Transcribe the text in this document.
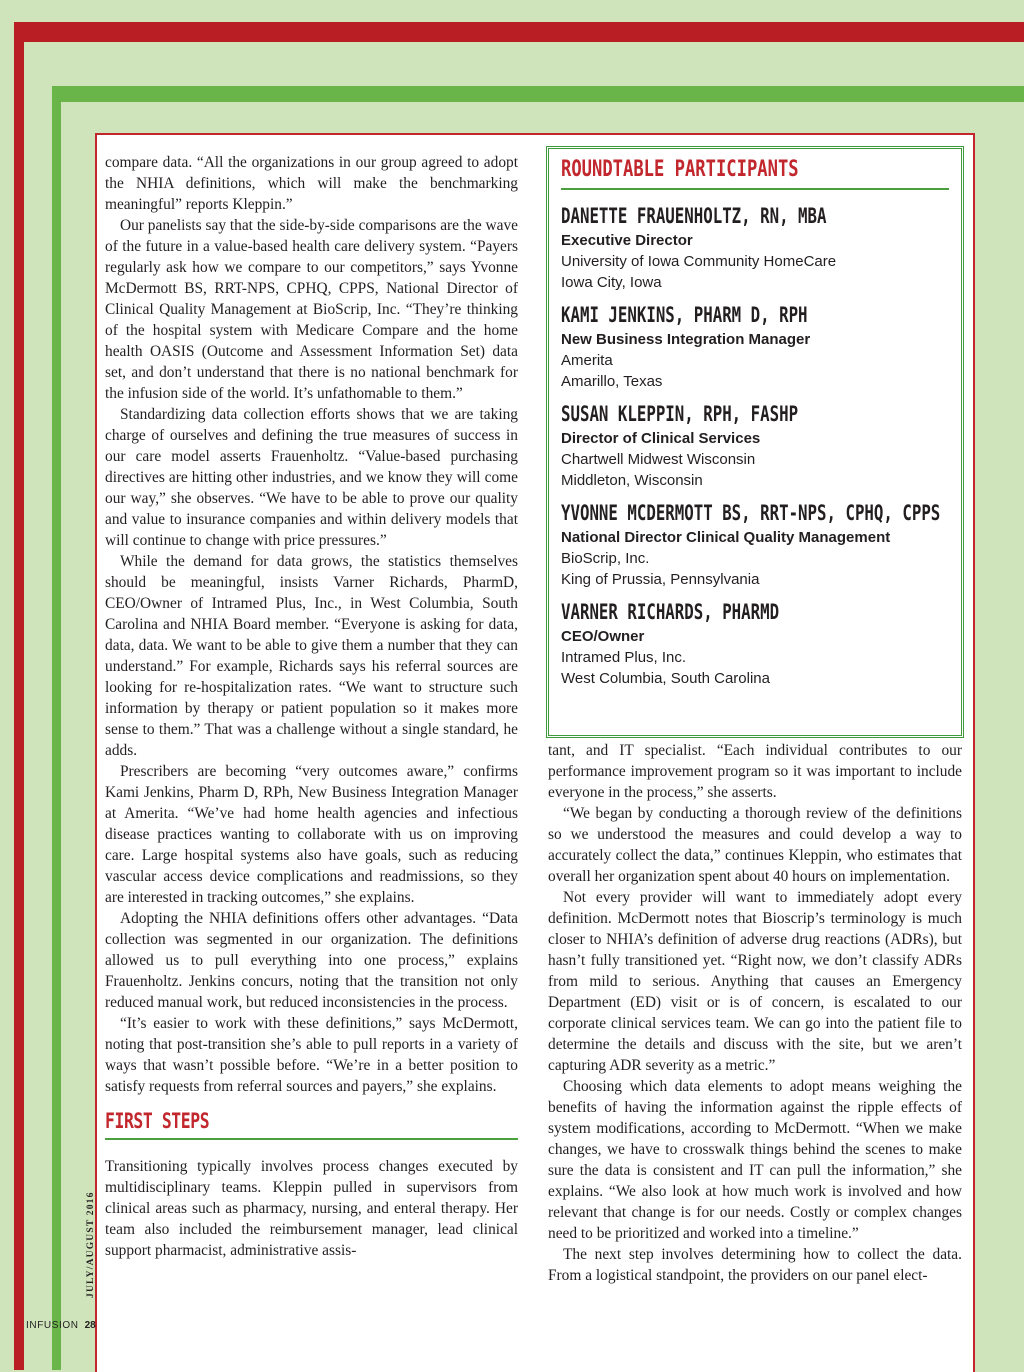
compare data. “All the organizations in our group agreed to adopt the NHIA definitions, which will make the benchmarking meaningful” reports Kleppin.”

Our panelists say that the side-by-side comparisons are the wave of the future in a value-based health care delivery system. “Payers regularly ask how we compare to our competitors,” says Yvonne McDermott BS, RRT-NPS, CPHQ, CPPS, National Director of Clinical Quality Management at BioScrip, Inc. “They’re thinking of the hospital system with Medicare Compare and the home health OASIS (Outcome and Assessment Information Set) data set, and don’t understand that there is no national benchmark for the infusion side of the world. It’s unfathomable to them.”

Standardizing data collection efforts shows that we are taking charge of ourselves and defining the true measures of success in our care model asserts Frauenholtz. “Value-based purchasing directives are hitting other industries, and we know they will come our way,” she observes. “We have to be able to prove our quality and value to insurance companies and within delivery models that will continue to change with price pressures.”

While the demand for data grows, the statistics themselves should be meaningful, insists Varner Richards, PharmD, CEO/Owner of Intramed Plus, Inc., in West Columbia, South Carolina and NHIA Board member. “Everyone is asking for data, data, data. We want to be able to give them a number that they can understand.” For example, Richards says his referral sources are looking for re-hospitalization rates. “We want to structure such information by therapy or patient population so it makes more sense to them.” That was a challenge without a single standard, he adds.

Prescribers are becoming “very outcomes aware,” confirms Kami Jenkins, Pharm D, RPh, New Business Integration Manager at Amerita. “We’ve had home health agencies and infectious disease practices wanting to collaborate with us on improving care. Large hospital systems also have goals, such as reducing vascular access device complications and readmissions, so they are interested in tracking outcomes,” she explains.

Adopting the NHIA definitions offers other advantages. “Data collection was segmented in our organization. The definitions allowed us to pull everything into one process,” explains Frauenholtz. Jenkins concurs, noting that the transition not only reduced manual work, but reduced inconsistencies in the process.

“It’s easier to work with these definitions,” says McDermott, noting that post-transition she’s able to pull reports in a variety of ways that wasn’t possible before. “We’re in a better position to satisfy requests from referral sources and payers,” she explains.

FIRST STEPS

Transitioning typically involves process changes executed by multidisciplinary teams. Kleppin pulled in supervisors from clinical areas such as pharmacy, nursing, and enteral therapy. Her team also included the reimbursement manager, lead clinical support pharmacist, administrative assis-

ROUNDTABLE PARTICIPANTS
DANETTE FRAUENHOLTZ, RN, MBA
Executive Director
University of Iowa Community HomeCare
Iowa City, Iowa
KAMI JENKINS, PHARM D, RPH
New Business Integration Manager
Amerita
Amarillo, Texas
SUSAN KLEPPIN, RPH, FASHP
Director of Clinical Services
Chartwell Midwest Wisconsin
Middleton, Wisconsin
YVONNE MCDERMOTT BS, RRT-NPS, CPHQ, CPPS
National Director Clinical Quality Management
BioScrip, Inc.
King of Prussia, Pennsylvania
VARNER RICHARDS, PHARMD
CEO/Owner
Intramed Plus, Inc.
West Columbia, South Carolina

tant, and IT specialist. “Each individual contributes to our performance improvement program so it was important to include everyone in the process,” she asserts.

“We began by conducting a thorough review of the definitions so we understood the measures and could develop a way to accurately collect the data,” continues Kleppin, who estimates that overall her organization spent about 40 hours on implementation.

Not every provider will want to immediately adopt every definition. McDermott notes that Bioscrip’s terminology is much closer to NHIA’s definition of adverse drug reactions (ADRs), but hasn’t fully transitioned yet. “Right now, we don’t classify ADRs from mild to serious. Anything that causes an Emergency Department (ED) visit or is of concern, is escalated to our corporate clinical services team. We can go into the patient file to determine the details and discuss with the site, but we aren’t capturing ADR severity as a metric.”

Choosing which data elements to adopt means weighing the benefits of having the information against the ripple effects of system modifications, according to McDermott. “When we make changes, we have to crosswalk things behind the scenes to make sure the data is consistent and IT can pull the information,” she explains. “We also look at how much work is involved and how relevant that change is for our needs. Costly or complex changes need to be prioritized and worked into a timeline.”

The next step involves determining how to collect the data. From a logistical standpoint, the providers on our panel elect-

JULY/AUGUST 2016
INFUSION 28
